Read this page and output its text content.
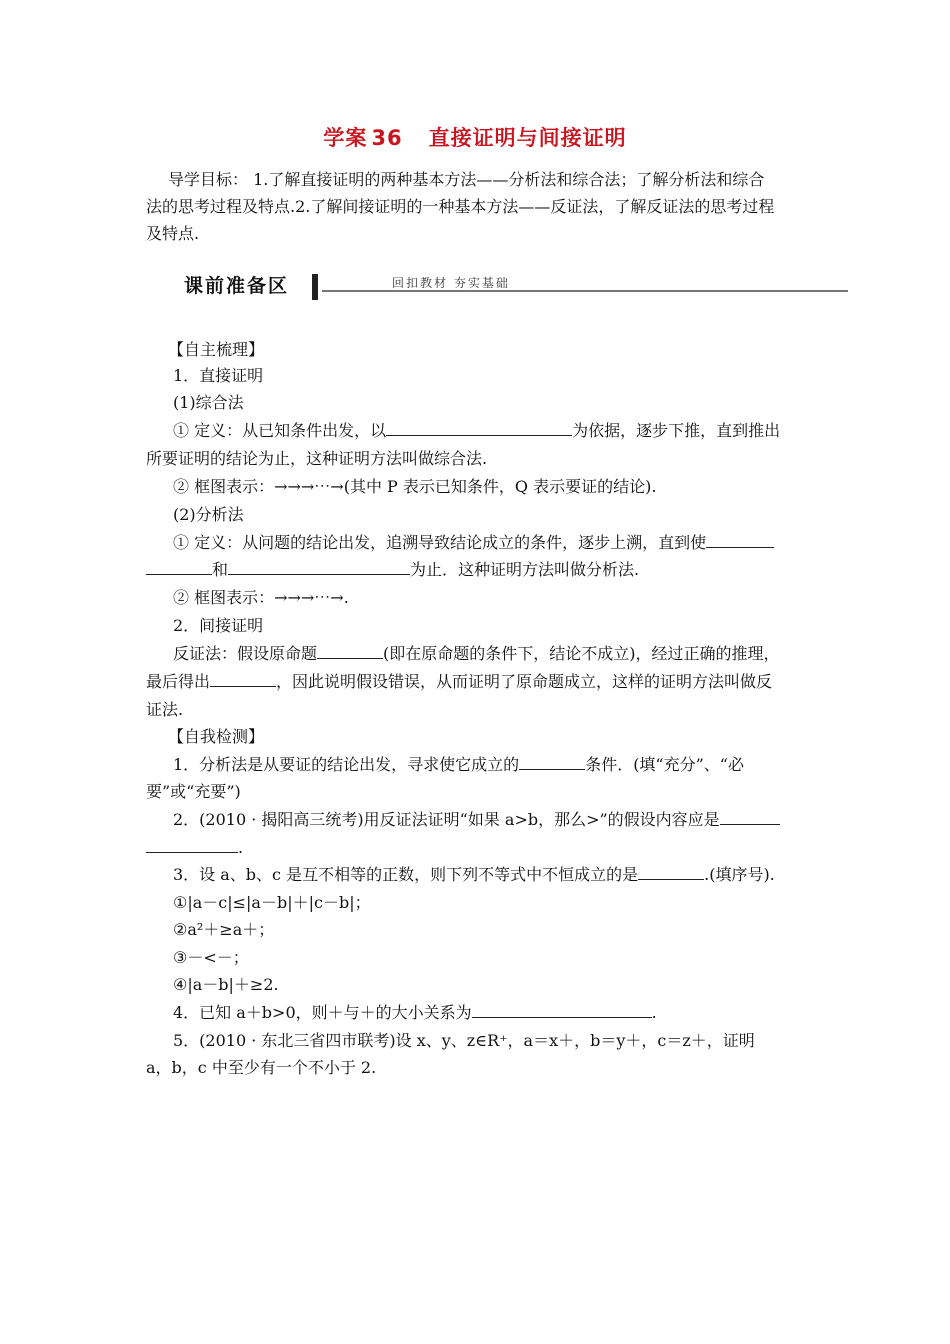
学案 36 直接证明与间接证明
导学目标： 1.了解直接证明的两种基本方法——分析法和综合法；了解分析法和综合
法的思考过程及特点.2.了解间接证明的一种基本方法——反证法，了解反证法的思考过程
及特点.
课前准备区	回扣教材 夯实基础
【自主梳理】
1．直接证明
(1)综合法
① 定义：从已知条件出发，以	为依据，逐步下推，直到推出
所要证明的结论为止，这种证明方法叫做综合法.
② 框图表示：→→→⋯→(其中 P 表示已知条件，Q 表示要证的结论).
(2)分析法
① 定义：从问题的结论出发，追溯导致结论成立的条件，逐步上溯，直到使
和	为止．这种证明方法叫做分析法.
② 框图表示：→→→⋯→.
2．间接证明
反证法：假设原命题	(即在原命题的条件下，结论不成立)，经过正确的推理，
最后得出	，因此说明假设错误，从而证明了原命题成立，这样的证明方法叫做反
证法.
【自我检测】
1．分析法是从要证的结论出发，寻求使它成立的	条件．(填“充分”、“必
要”或“充要”)
2．(2010 · 揭阳高三统考)用反证法证明“如果 a>b，那么>”的假设内容应是
.
3．设 a、b、c 是互不相等的正数，则下列不等式中不恒成立的是	.(填序号).
①|a－c|≤|a－b|＋|c－b|；
②a²＋≥a＋；
③－<－；
④|a－b|＋≥2.
4．已知 a＋b>0，则＋与＋的大小关系为	.
5．(2010 · 东北三省四市联考)设 x、y、z∈R⁺，a＝x＋，b＝y＋，c＝z＋，证明
a，b，c 中至少有一个不小于 2.
